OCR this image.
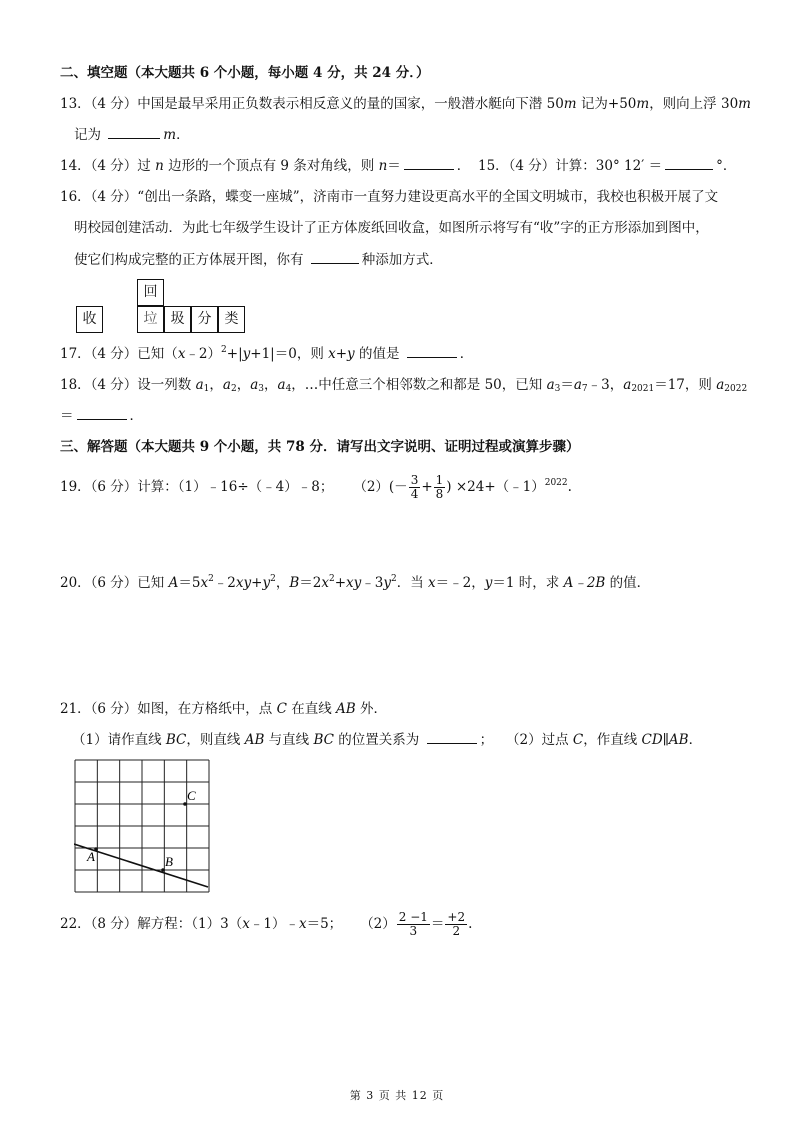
二、填空题（本大题共 6 个小题，每小题 4 分，共 24 分．）
13．（4 分）中国是最早采用正负数表示相反意义的量的国家，一般潜水艇向下潜 50m 记为+50m，则向上浮 30m
记为	m．
14．（4 分）过 n 边形的一个顶点有 9 条对角线，则 n＝	． 15．（4 分）计算：30° 12′ ＝	°．
16．（4 分）“创出一条路，蝶变一座城”，济南市一直努力建设更高水平的全国文明城市，我校也积极开展了文
明校园创建活动．为此七年级学生设计了正方体废纸回收盒，如图所示将写有“收”字的正方形添加到图中，
使它们构成完整的正方体展开图，你有	种添加方式．
收
回
垃 圾 分 类
17．（4 分）已知（x﹣2）$^2$+|y+1|＝0，则 x+y 的值是	．
18．（4 分）设一列数 $a_1$，$a_2$，$a_3$，$a_4$，…中任意三个相邻数之和都是 50，已知 $a_3=a_7﹣3$，$a_{2021}=17$，则 $a_{2022}$
＝	．
三、解答题（本大题共 9 个小题，共 78 分．请写出文字说明、证明过程或演算步骤）
19．（6 分）计算：（1）﹣16÷（﹣4）﹣8； $(2)(- \frac{3}{4} + \frac{1}{8}$ ) ×24+（﹣1）$^{2022}$.
20．（6 分）已知 $A=5x^2﹣2xy+y^2$，$B=2x^2+xy﹣3y^2$．当 x＝﹣2，y＝1 时，求 A﹣2B 的值．
21．（6 分）如图，在方格纸中，点 C 在直线 AB 外．
（1）请作直线 BC，则直线 AB 与直线 BC 的位置关系为	； （2）过点 C，作直线 CD∥AB．
A	B
C
22．（8 分）解方程：（1）3（x﹣1）﹣x＝5； $(2) \frac{2 -1}{3} = \frac{+2}{2}$ .
第 3 页 共 12 页
